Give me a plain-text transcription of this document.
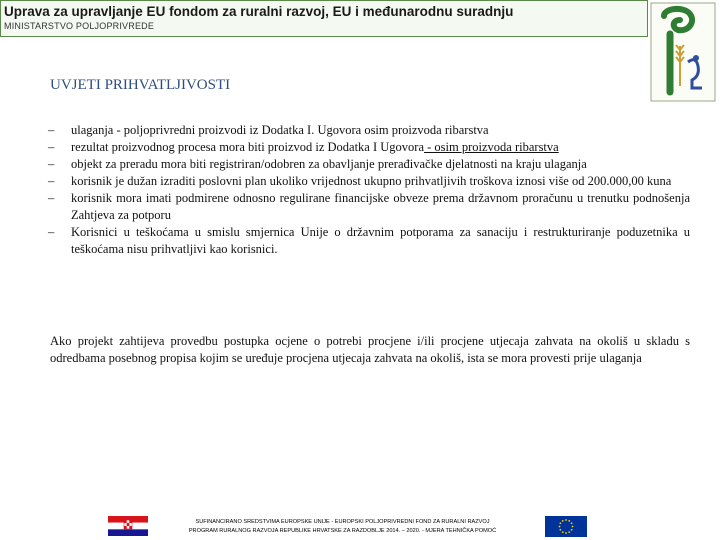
Uprava za upravljanje EU fondom za ruralni razvoj, EU i međunarodnu suradnju
MINISTARSTVO POLJOPRIVREDE
UVJETI PRIHVATLJIVOSTI
– ulaganja - poljoprivredni proizvodi iz Dodatka I. Ugovora osim proizvoda ribarstva
– rezultat proizvodnog procesa mora biti proizvod iz Dodatka I Ugovora - osim proizvoda ribarstva
– objekt za preradu mora biti registriran/odobren za obavljanje prerađivačke djelatnosti na kraju ulaganja
– korisnik je dužan izraditi poslovni plan ukoliko vrijednost ukupno prihvatljivih troškova iznosi više od 200.000,00 kuna
– korisnik mora imati podmirene odnosno regulirane financijske obveze prema državnom proračunu u trenutku podnošenja Zahtjeva za potporu
– Korisnici u teškoćama u smislu smjernica Unije o državnim potporama za sanaciju i restrukturiranje poduzetnika u teškoćama nisu prihvatljivi kao korisnici.

Ako projekt zahtijeva provedbu postupka ocjene o potrebi procjene i/ili procjene utjecaja zahvata na okoliš u skladu s odredbama posebnog propisa kojim se uređuje procjena utjecaja zahvata na okoliš, ista se mora provesti prije ulaganja

SUFINANCIRANO SREDSTVIMA EUROPSKE UNIJE - EUROPSKI POLJOPRIVREDNI FOND ZA RURALNI RAZVOJ
PROGRAM RURALNOG RAZVOJA REPUBLIKE HRVATSKE ZA RAZDOBLJE 2014. – 2020. - MJERA TEHNIČKA POMOĆ
